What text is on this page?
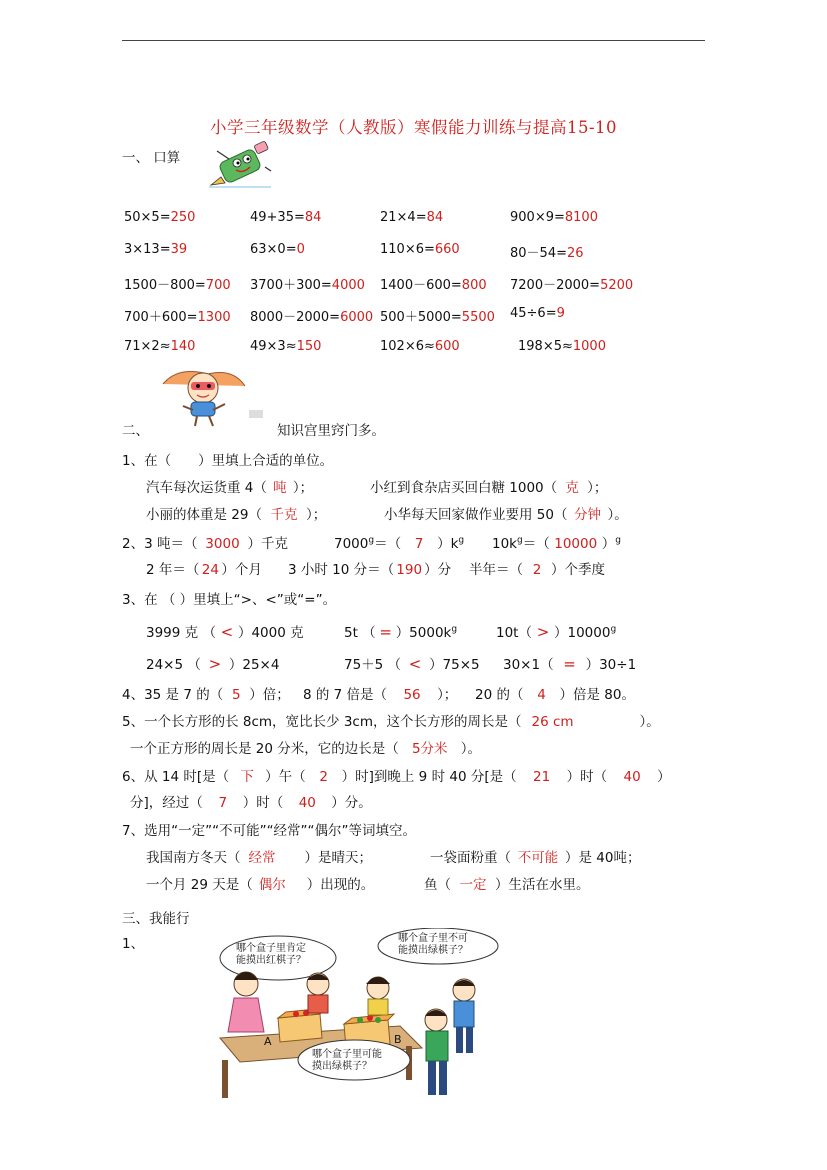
小学三年级数学（人教版）寒假能力训练与提高15-10
一、 口算
50×5=250	49+35=84	21×4=84	900×9=8100
3×13=39	63×0=0	110×6=660	80－54=26
1500－800=700 3700＋300=4000 1400－600=800 7200－2000=5200
700＋600=1300 8000－2000=6000 500＋5000=5500 45÷6=9
71×2≈140	49×3≈150	102×6≈600	198×5≈1000
二、	知识宫里窍门多。
1、在（　　）里填上合适的单位。
汽车每次运货重 4（ 吨 ）；	小红到食杂店买回白糖 1000（ 克 ）；
小丽的体重是 29（ 千克 ）；	小华每天回家做作业要用 50（ 分钟 ）。
2、3 吨＝（ 3000 ）千克	$7000^g=$（ 7 ）$k^g$ $10k^g=$（ 10000 ）$^g$
2 年＝（ 24 ）个月 3 小时 10 分＝（ 190 ）分 半年＝（ 2 ）个季度
3、在 （ ）里填上“>、<”或“=”。
3999 克 （ < ）4000 克	5t （ = ）$5000k^g$	$10t( > )10000^g$
24×5 （ > ）25×4	75＋5 （ < ）75×5 30×1（ = ）30÷1
4、35 是 7 的（ 5 ）倍； 8 的 7 倍是（ 56 ）； 20 的（ 4 ）倍是 80。
5、一个长方形的长 8cm，宽比长少 3cm，这个长方形的周长是（ 26 cm	）。
一个正方形的周长是 20 分米，它的边长是（ 5分米 ）。
6、从 14 时[是（ 下 ）午（ 2 ）时]到晚上 9 时 40 分[是（ 21 ）时（ 40 ）
分]，经过（ 7 ）时（ 40 ）分。
7、选用“一定”“不可能”“经常”“偶尔”等词填空。
我国南方冬天（ 经常 ）是晴天；	一袋面粉重（ 不可能 ）是 40吨；
一个月 29 天是（ 偶尔 ）出现的。	鱼（ 一定 ）生活在水里。
三、我能行
1、	哪个盒子里肯定
能摸出红棋子？
哪个盒子里不可
能摸出绿棋子？
哪个盒子里可能
摸出绿棋子？
A	B
